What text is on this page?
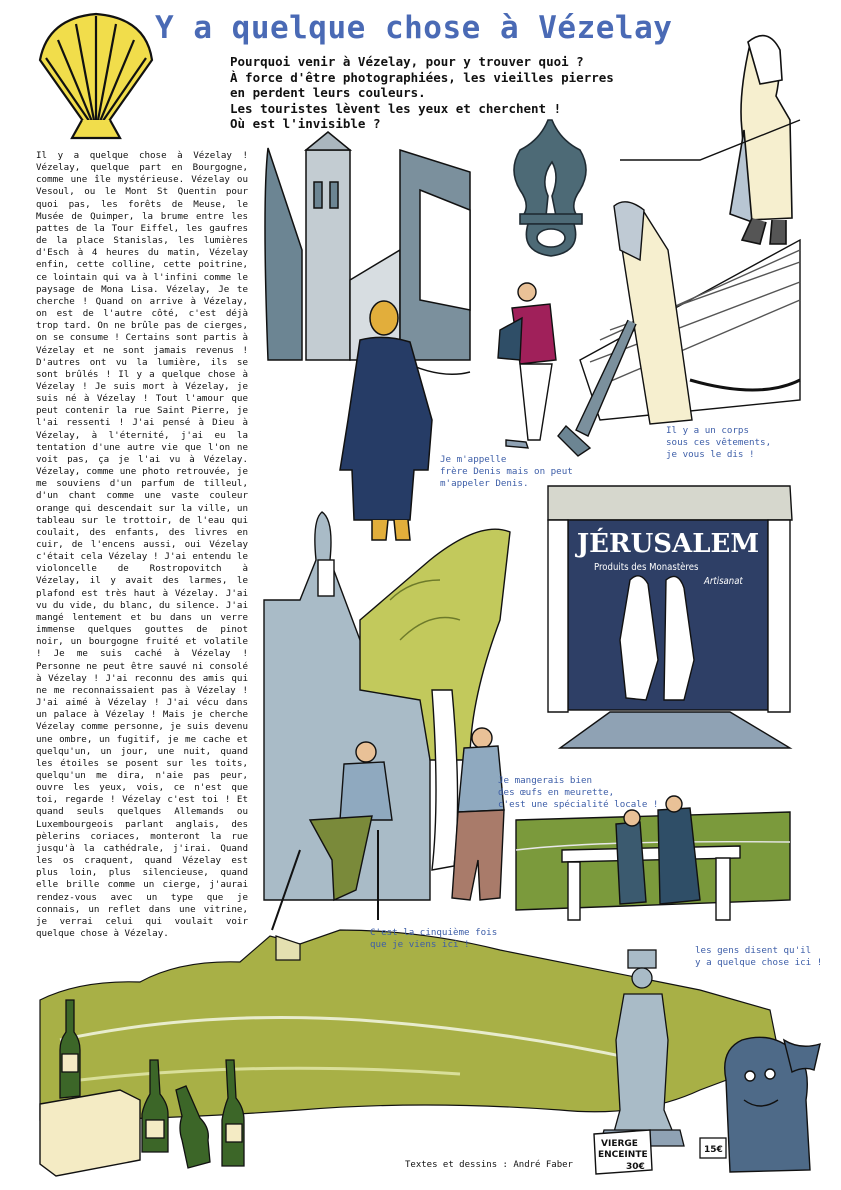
VIERGE
ENCEINTE
30€
15€
JÉRUSALEM
Produits des Monastères
Artisanat
Y a quelque chose à Vézelay
Pourquoi venir à Vézelay, pour y trouver quoi ?
À force d'être photographiées, les vieilles pierres
en perdent leurs couleurs.
Les touristes lèvent les yeux et cherchent !
Où est l'invisible ?

Il y a quelque chose à Vézelay ! Vézelay, quelque part en Bourgogne, comme une île mystérieuse. Vézelay ou Vesoul, ou le Mont St Quentin pour quoi pas, les forêts de Meuse, le Musée de Quimper, la brume entre les pattes de la Tour Eiffel, les gaufres de la place Stanislas, les lumières d'Esch à 4 heures du matin, Vézelay enfin, cette colline, cette poitrine, ce lointain qui va à l'infini comme le paysage de Mona Lisa. Vézelay, Je te cherche ! Quand on arrive à Vézelay, on est de l'autre côté, c'est déjà trop tard. On ne brûle pas de cierges, on se consume ! Certains sont partis à Vézelay et ne sont jamais revenus ! D'autres ont vu la lumière, ils se sont brûlés ! Il y a quelque chose à Vézelay ! Je suis mort à Vézelay, je suis né à Vézelay ! Tout l'amour que peut contenir la rue Saint Pierre, je l'ai ressenti ! J'ai pensé à Dieu à Vézelay, à l'éternité, j'ai eu la tentation d'une autre vie que l'on ne voit pas, ça je l'ai vu à Vézelay. Vézelay, comme une photo retrouvée, je me souviens d'un parfum de tilleul, d'un chant comme une vaste couleur orange qui descendait sur la ville, un tableau sur le trottoir, de l'eau qui coulait, des enfants, des livres en cuir, de l'encens aussi, oui Vézelay c'était cela Vézelay ! J'ai entendu le violoncelle de Rostropovitch à Vézelay, il y avait des larmes, le plafond est très haut à Vézelay. J'ai vu du vide, du blanc, du silence. J'ai mangé lentement et bu dans un verre immense quelques gouttes de pinot noir, un bourgogne fruité et volatile ! Je me suis caché à Vézelay ! Personne ne peut être sauvé ni consolé à Vézelay ! J'ai reconnu des amis qui ne me reconnaissaient pas à Vézelay ! J'ai aimé à Vézelay ! J'ai vécu dans un palace à Vézelay ! Mais je cherche Vézelay comme personne, je suis devenu une ombre, un fugitif, je me cache et quelqu'un, un jour, une nuit, quand les étoiles se posent sur les toits, quelqu'un me dira, n'aie pas peur, ouvre les yeux, vois, ce n'est que toi, regarde ! Vézelay c'est toi ! Et quand seuls quelques Allemands ou Luxembourgeois parlant anglais, des pèlerins coriaces, monteront la rue jusqu'à la cathédrale, j'irai. Quand les os craquent, quand Vézelay est plus loin, plus silencieuse, quand elle brille comme un cierge, j'aurai rendez-vous avec un type que je connais, un reflet dans une vitrine, je verrai celui qui voulait voir quelque chose à Vézelay.

Je m'appelle
frère Denis mais on peut
m'appeler Denis.
Il y a un corps
sous ces vêtements,
je vous le dis !
Je mangerais bien
des œufs en meurette,
c'est une spécialité locale !
C'est la cinquième fois
que je viens ici !
les gens disent qu'il
y a quelque chose ici !
Textes et dessins : André Faber
